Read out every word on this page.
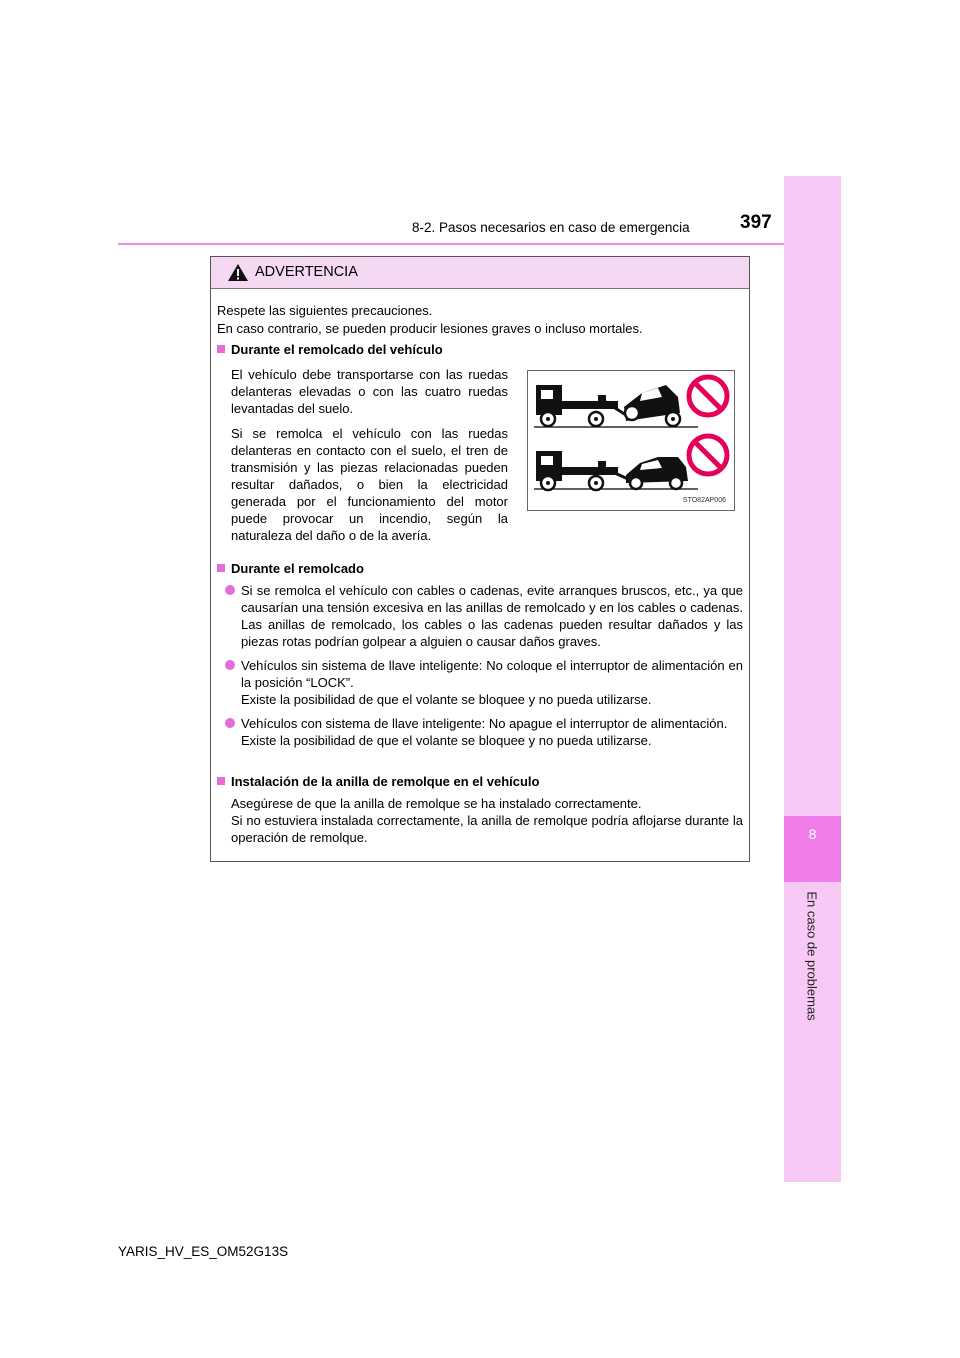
8
En caso de problemas
8-2. Pasos necesarios en caso de emergencia	397
ADVERTENCIA
Respete las siguientes precauciones.
En caso contrario, se pueden producir lesiones graves o incluso mortales.
Durante el remolcado del vehículo
El vehículo debe transportarse con las ruedas delanteras elevadas o con las cuatro ruedas levantadas del suelo.
Si se remolca el vehículo con las ruedas delanteras en contacto con el suelo, el tren de transmisión y las piezas relacionadas pueden resultar dañados, o bien la electricidad generada por el funcionamiento del motor puede provocar un incendio, según la naturaleza del daño o de la avería.
STO82AP006
Durante el remolcado
Si se remolca el vehículo con cables o cadenas, evite arranques bruscos, etc., ya que causarían una tensión excesiva en las anillas de remolcado y en los cables o cadenas. Las anillas de remolcado, los cables o las cadenas pueden resultar dañados y las piezas rotas podrían golpear a alguien o causar daños graves.
Vehículos sin sistema de llave inteligente: No coloque el interruptor de alimentación en la posición “LOCK”.
Existe la posibilidad de que el volante se bloquee y no pueda utilizarse.
Vehículos con sistema de llave inteligente: No apague el interruptor de alimentación.
Existe la posibilidad de que el volante se bloquee y no pueda utilizarse.
Instalación de la anilla de remolque en el vehículo
Asegúrese de que la anilla de remolque se ha instalado correctamente.
Si no estuviera instalada correctamente, la anilla de remolque podría aflojarse durante la operación de remolque.
YARIS_HV_ES_OM52G13S
